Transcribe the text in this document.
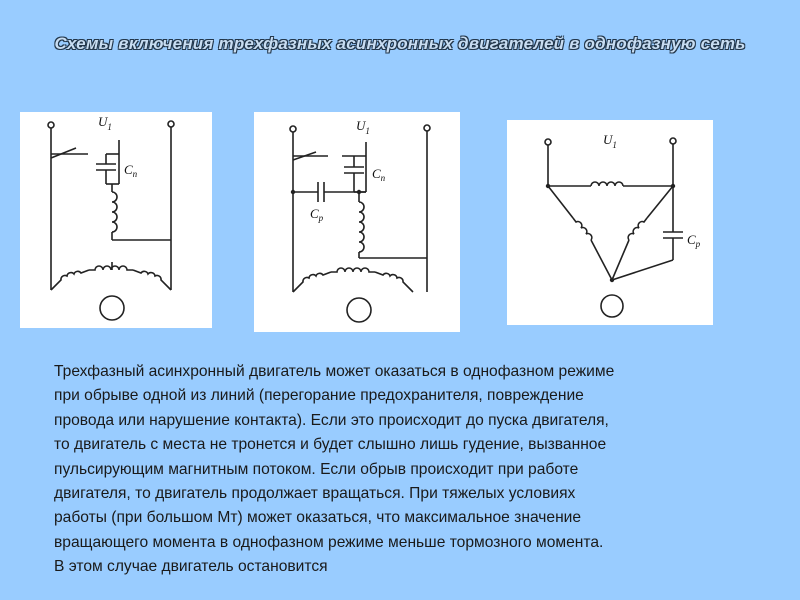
Схемы включения трехфазных асинхронных двигателей в однофазную сеть
$U_1$
$C_п$
$U_1$
$C_п$
$C_р$
$U_1$
$C_р$
Трехфазный асинхронный двигатель может оказаться в однофазном режиме
при обрыве одной из линий (перегорание предохранителя, повреждение
провода или нарушение контакта). Если это происходит до пуска двигателя,
то двигатель с места не тронется и будет слышно лишь гудение, вызванное
пульсирующим магнитным потоком. Если обрыв происходит при работе
двигателя, то двигатель продолжает вращаться. При тяжелых условиях
работы (при большом Mт) может оказаться, что максимальное значение
вращающего момента в однофазном режиме меньше тормозного момента.
В этом случае двигатель остановится
